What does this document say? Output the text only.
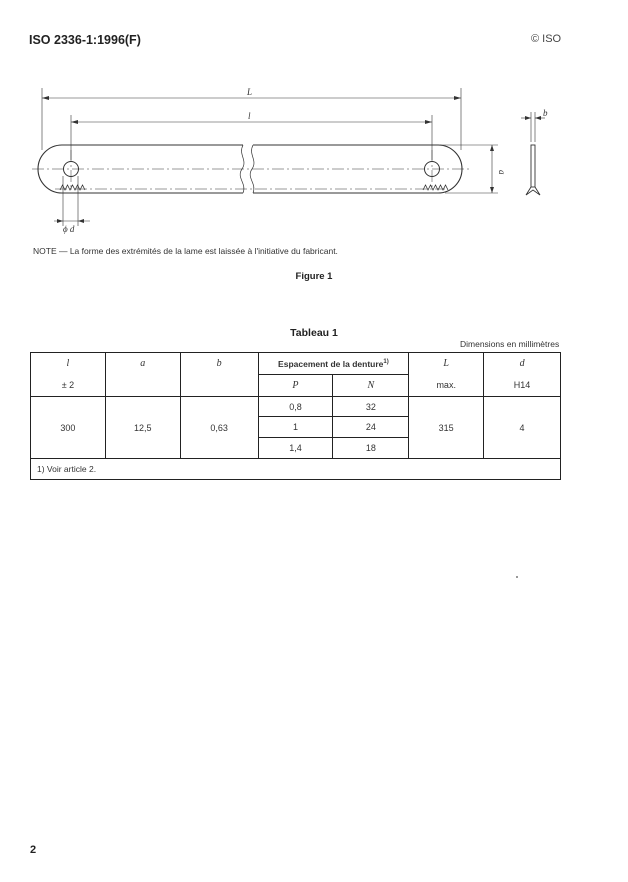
ISO 2336-1:1996(F)	© ISO
L
l
a
b
ϕ d
NOTE — La forme des extrémités de la lame est laissée à l'initiative du fabricant.
Figure 1
Tableau 1
Dimensions en millimètres
l	a	b	Espacement de la denture$^{1)}$		L	d
± 2			P	N	max.	H14
300	12,5	0,63	0,8	32	315	4
			1	24		
			1,4	18		
1) Voir article 2.						
2
